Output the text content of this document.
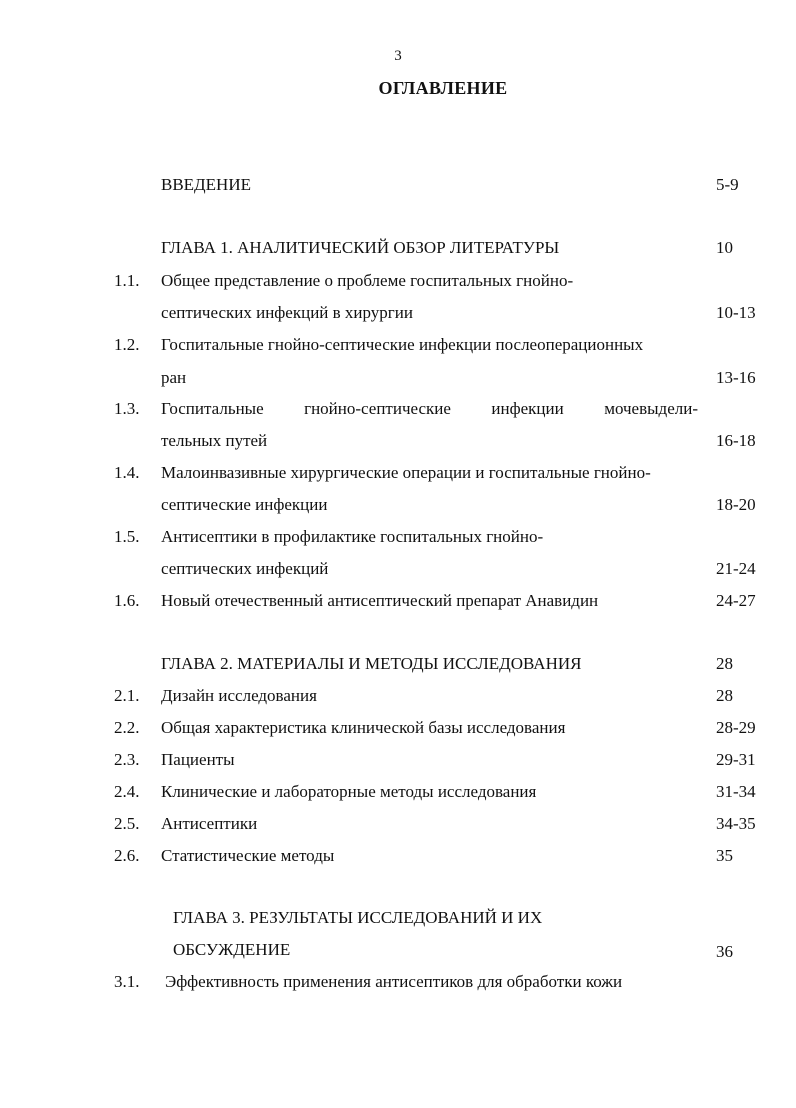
3
ОГЛАВЛЕНИЕ
ВВЕДЕНИЕ	5-9
ГЛАВА 1. АНАЛИТИЧЕСКИЙ ОБЗОР ЛИТЕРАТУРЫ	10
1.1. Общее представление о проблеме госпитальных гнойно-
септических инфекций в хирургии	10-13
1.2. Госпитальные гнойно-септические инфекции послеоперационных
ран	13-16
1.3. Госпитальные гнойно-септические инфекции мочевыдели-
тельных путей	16-18
1.4. Малоинвазивные хирургические операции и госпитальные гнойно-
септические инфекции	18-20
1.5. Антисептики в профилактике госпитальных гнойно-
септических инфекций	21-24
1.6. Новый отечественный антисептический препарат Анавидин	24-27
ГЛАВА 2. МАТЕРИАЛЫ И МЕТОДЫ ИССЛЕДОВАНИЯ	28
2.1. Дизайн исследования	28
2.2. Общая характеристика клинической базы исследования	28-29
2.3. Пациенты	29-31
2.4. Клинические и лабораторные методы исследования	31-34
2.5. Антисептики	34-35
2.6. Статистические методы	35
ГЛАВА 3. РЕЗУЛЬТАТЫ ИССЛЕДОВАНИЙ И ИХ
ОБСУЖДЕНИЕ	36
3.1. Эффективность применения антисептиков для обработки кожи
